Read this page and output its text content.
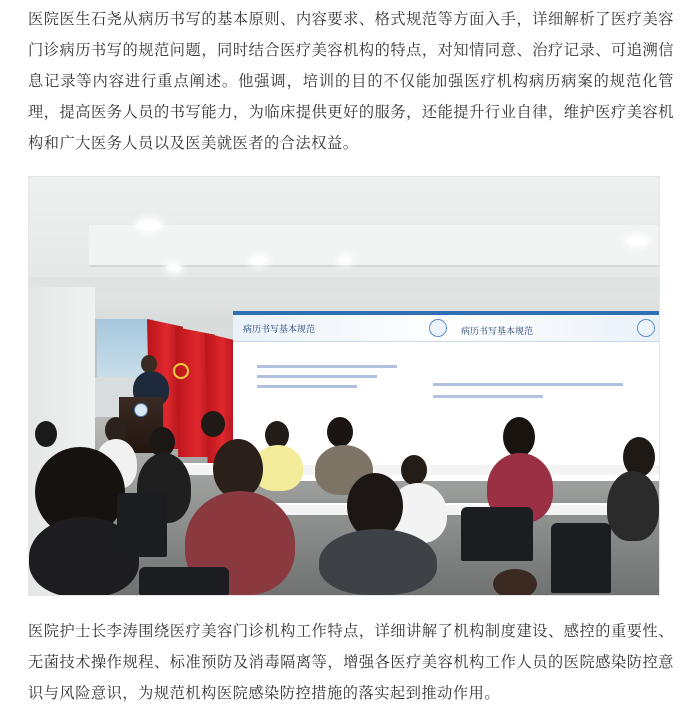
医院医生石尧从病历书写的基本原则、内容要求、格式规范等方面入手，详细解析了医疗美容门诊病历书写的规范问题，同时结合医疗美容机构的特点，对知情同意、治疗记录、可追溯信息记录等内容进行重点阐述。他强调，培训的目的不仅能加强医疗机构病历病案的规范化管理，提高医务人员的书写能力，为临床提供更好的服务，还能提升行业自律，维护医疗美容机构和广大医务人员以及医美就医者的合法权益。

病历书写基本规范	病历书写基本规范

医院护士长李涛围绕医疗美容门诊机构工作特点，详细讲解了机构制度建设、感控的重要性、无菌技术操作规程、标准预防及消毒隔离等，增强各医疗美容机构工作人员的医院感染防控意识与风险意识，为规范机构医院感染防控措施的落实起到推动作用。
